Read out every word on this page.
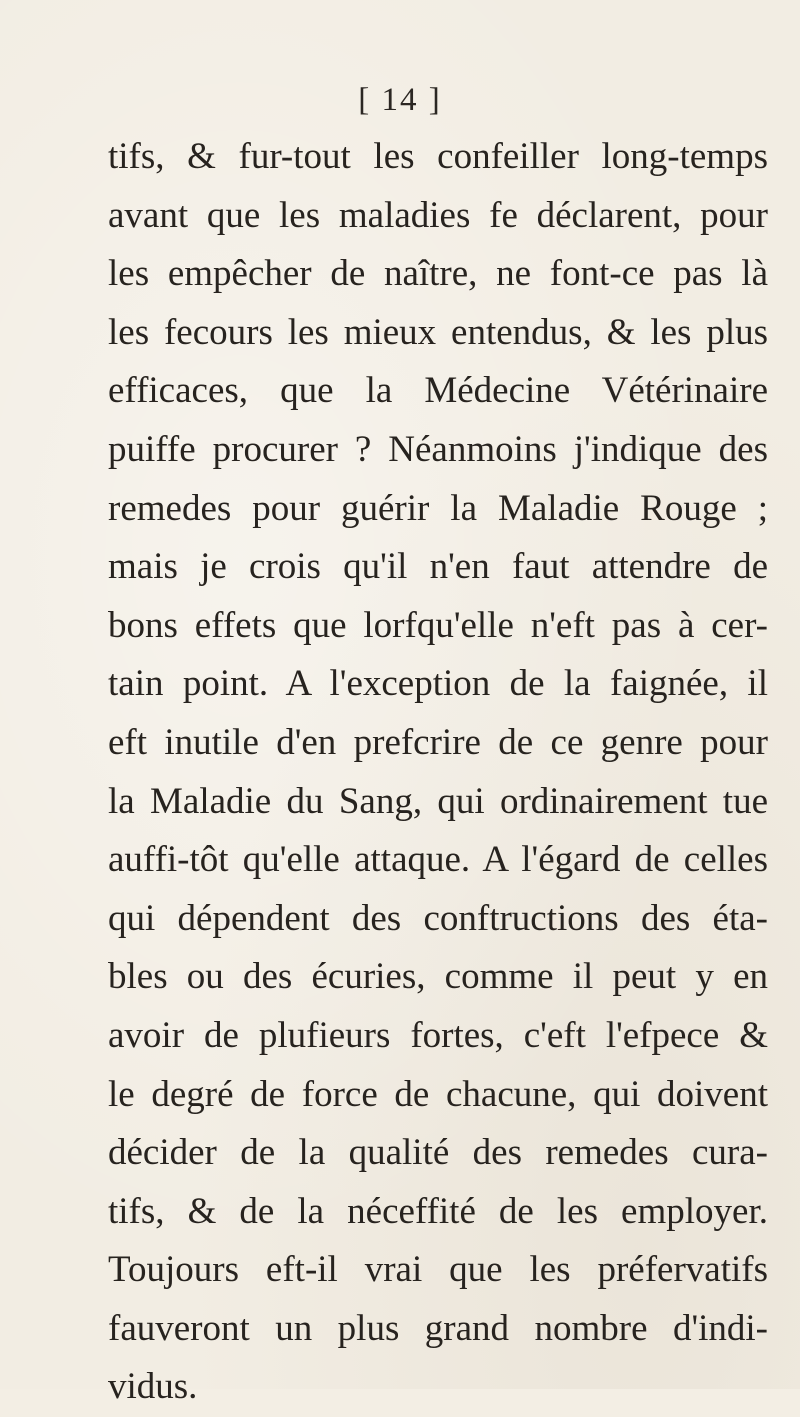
[ 14 ]
tifs, & fur-tout les confeiller long-temps
avant que les maladies fe déclarent, pour
les empêcher de naître, ne font-ce pas là
les fecours les mieux entendus, & les plus
efficaces, que la Médecine Vétérinaire
puiffe procurer ? Néanmoins j'indique des
remedes pour guérir la Maladie Rouge ;
mais je crois qu'il n'en faut attendre de
bons effets que lorfqu'elle n'eft pas à cer-
tain point. A l'exception de la faignée, il
eft inutile d'en prefcrire de ce genre pour
la Maladie du Sang, qui ordinairement tue
auffi-tôt qu'elle attaque. A l'égard de celles
qui dépendent des conftructions des éta-
bles ou des écuries, comme il peut y en
avoir de plufieurs fortes, c'eft l'efpece &
le degré de force de chacune, qui doivent
décider de la qualité des remedes cura-
tifs, & de la néceffité de les employer.
Toujours eft-il vrai que les préfervatifs
fauveront un plus grand nombre d'indi-
vidus.
